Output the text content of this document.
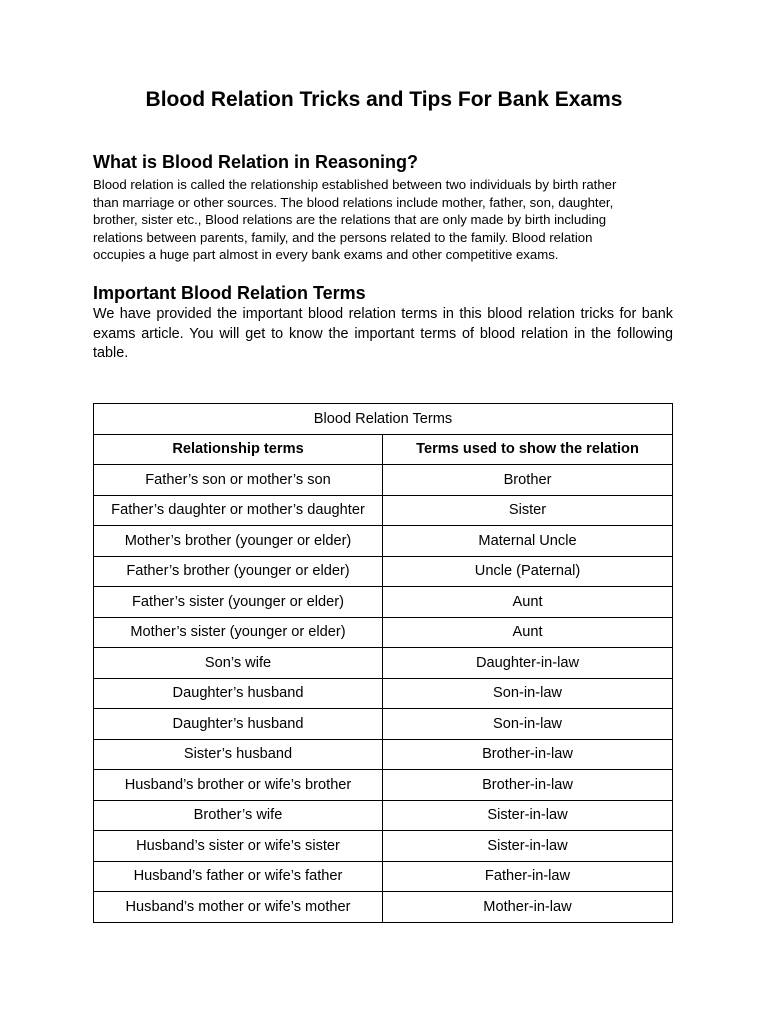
Blood Relation Tricks and Tips For Bank Exams
What is Blood Relation in Reasoning?
Blood relation is called the relationship established between two individuals by birth rather
than marriage or other sources. The blood relations include mother, father, son, daughter,
brother, sister etc., Blood relations are the relations that are only made by birth including
relations between parents, family, and the persons related to the family. Blood relation
occupies a huge part almost in every bank exams and other competitive exams.
Important Blood Relation Terms

We have provided the important blood relation terms in this blood relation tricks for bank exams article. You will get to know the important terms of blood relation in the following table.

Blood Relation Terms	
Relationship terms	Terms used to show the relation
Father’s son or mother’s son	Brother
Father’s daughter or mother’s daughter	Sister
Mother’s brother (younger or elder)	Maternal Uncle
Father’s brother (younger or elder)	Uncle (Paternal)
Father’s sister (younger or elder)	Aunt
Mother’s sister (younger or elder)	Aunt
Son’s wife	Daughter-in-law
Daughter’s husband	Son-in-law
Daughter’s husband	Son-in-law
Sister’s husband	Brother-in-law
Husband’s brother or wife’s brother	Brother-in-law
Brother’s wife	Sister-in-law
Husband’s sister or wife’s sister	Sister-in-law
Husband’s father or wife’s father	Father-in-law
Husband’s mother or wife’s mother	Mother-in-law
